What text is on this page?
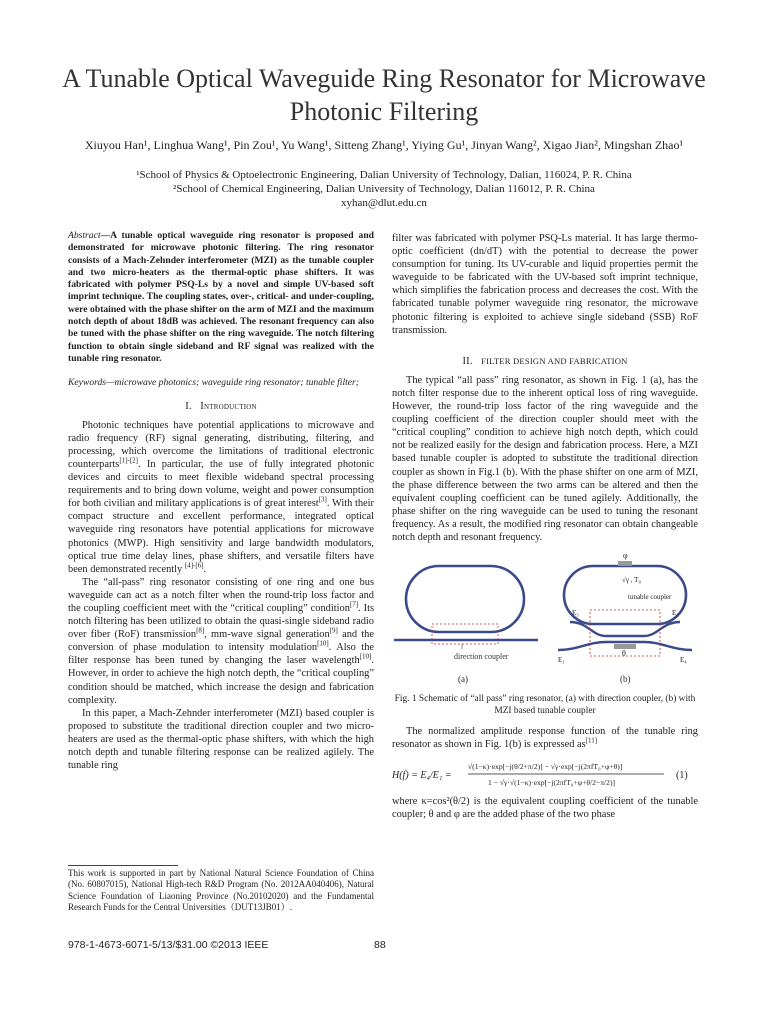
A Tunable Optical Waveguide Ring Resonator for Microwave Photonic Filtering
Xiuyou Han¹, Linghua Wang¹, Pin Zou¹, Yu Wang¹, Sitteng Zhang¹, Yiying Gu¹, Jinyan Wang², Xigao Jian², Mingshan Zhao¹
¹School of Physics & Optoelectronic Engineering, Dalian University of Technology, Dalian, 116024, P. R. China
²School of Chemical Engineering, Dalian University of Technology, Dalian 116012, P. R. China
xyhan@dlut.edu.cn
Abstract—A tunable optical waveguide ring resonator is proposed and demonstrated for microwave photonic filtering. The ring resonator consists of a Mach-Zehnder interferometer (MZI) as the tunable coupler and two micro-heaters as the thermal-optic phase shifters. It was fabricated with polymer PSQ-Ls by a novel and simple UV-based soft imprint technique. The coupling states, over-, critical- and under-coupling, were obtained with the phase shifter on the arm of MZI and the maximum notch depth of about 18dB was achieved. The resonant frequency can also be tuned with the phase shifter on the ring waveguide. The notch filtering function to obtain single sideband and RF signal was realized with the tunable ring resonator.
Keywords—microwave photonics; waveguide ring resonator; tunable filter;
I. Introduction

Photonic techniques have potential applications to microwave and radio frequency (RF) signal generating, distributing, filtering, and processing, which overcome the limitations of traditional electronic counterparts[1]-[2]. In particular, the use of fully integrated photonic devices and circuits to meet flexible wideband spectral processing requirements and to bring down volume, weight and power consumption for both civilian and military applications is of great interest[3]. With their compact structure and excellent performance, integrated optical waveguide ring resonators have potential applications for microwave photonics (MWP). High sensitivity and large bandwidth modulators, optical true time delay lines, phase shifters, and versatile filters have been demonstrated recently [4]-[6].

The “all-pass” ring resonator consisting of one ring and one bus waveguide can act as a notch filter when the round-trip loss factor and the coupling coefficient meet with the “critical coupling” condition[7]. Its notch filtering has been utilized to obtain the quasi-single sideband radio over fiber (RoF) transmission[8], mm-wave signal generation[9] and the conversion of phase modulation to intensity modulation[10]. Also the filter response has been tuned by changing the laser wavelength[10]. However, in order to achieve the high notch depth, the “critical coupling” condition should be matched, which increase the design and fabrication complexity.

In this paper, a Mach-Zehnder interferometer (MZI) based coupler is proposed to substitute the traditional direction coupler and two micro-heaters are used as the thermal-optic phase shifters, with which the high notch depth and tunable filtering response can be realized agilely. The tunable ring

filter was fabricated with polymer PSQ-Ls material. It has large thermo-optic coefficient (dn/dT) with the potential to decrease the power consumption for tuning. Its UV-curable and liquid properties permit the waveguide to be fabricated with the UV-based soft imprint technique, which simplifies the fabrication process and decreases the cost. With the fabricated tunable polymer waveguide ring resonator, the microwave photonic filtering is exploited to achieve single sideband (SSB) RoF transmission.

II. FILTER DESIGN AND FABRICATION

The typical “all pass” ring resonator, as shown in Fig. 1 (a), has the notch filter response due to the inherent optical loss of ring waveguide. However, the round-trip loss factor of the ring waveguide and the coupling coefficient of the direction coupler should meet with the “critical coupling” condition to achieve high notch depth, which could not be realized easily for the design and fabrication process. Here, a MZI based tunable coupler is adopted to substitute the traditional direction coupler as shown in Fig.1 (b). With the phase shifter on one arm of MZI, the phase difference between the two arms can be altered and then the equivalent coupling coefficient can be tuned agilely. Additionally, the phase shifter on the ring waveguide can be used to tuning the resonant frequency. As a result, the modified ring resonator can obtain changeable notch depth and resonant frequency.

direction coupler
(a)
φ
√γ , T₀
tunable coupler
θ
E₃	E₂
E₁	E₄
(b)
Fig. 1 Schematic of “all pass” ring resonator, (a) with direction coupler, (b) with MZI based tunable coupler

The normalized amplitude response function of the tunable ring resonator as shown in Fig. 1(b) is expressed as[11]

H(f) = E₄/E₁ =
√(1−κ)·exp[−j(θ/2+π/2)] − √γ·exp[−j(2πfT₀+φ+θ)]
1 − √γ·√(1−κ)·exp[−j(2πfT₀+φ+θ/2−π/2)]
(1)

where κ=cos²(θ/2) is the equivalent coupling coefficient of the tunable coupler; θ and φ are the added phase of the two phase

This work is supported in part by National Natural Science Foundation of China (No. 60807015), National High-tech R&D Program (No. 2012AA040406), Natural Science Foundation of Liaoning Province (No.20102020) and the Fundamental Research Funds for the Central Universities（DUT13JB01）.
978-1-4673-6071-5/13/$31.00 ©2013 IEEE	88
